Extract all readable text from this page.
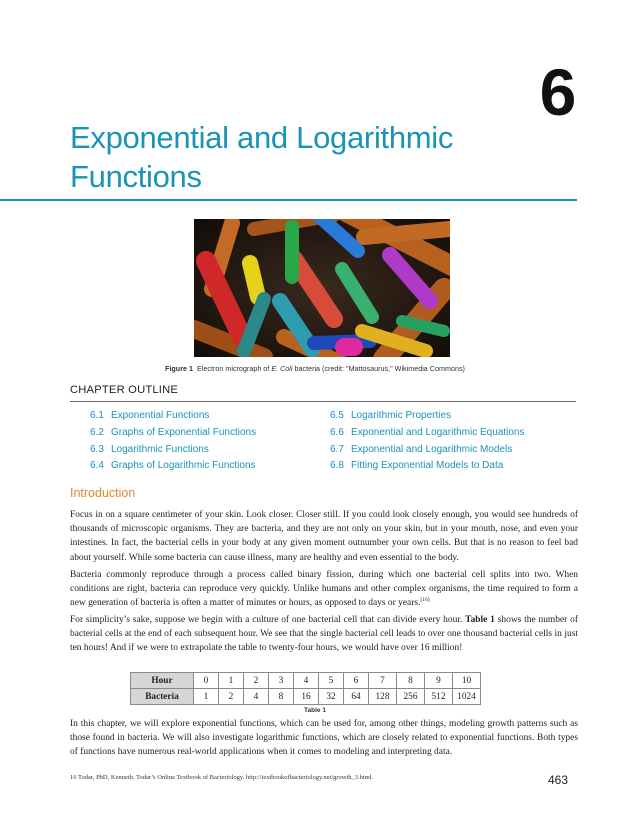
6
Exponential and Logarithmic Functions
Figure 1 Electron micrograph of E. Coli bacteria (credit: "Mattosaurus," Wikimedia Commons)
CHAPTER OUTLINE
6.1 Exponential Functions
6.2 Graphs of Exponential Functions
6.3 Logarithmic Functions
6.4 Graphs of Logarithmic Functions
6.5 Logarithmic Properties
6.6 Exponential and Logarithmic Equations
6.7 Exponential and Logarithmic Models
6.8 Fitting Exponential Models to Data
Introduction

Focus in on a square centimeter of your skin. Look closer. Closer still. If you could look closely enough, you would see hundreds of thousands of microscopic organisms. They are bacteria, and they are not only on your skin, but in your mouth, nose, and even your intestines. In fact, the bacterial cells in your body at any given moment outnumber your own cells. But that is no reason to feel bad about yourself. While some bacteria can cause illness, many are healthy and even essential to the body.

Bacteria commonly reproduce through a process called binary fission, during which one bacterial cell splits into two. When conditions are right, bacteria can reproduce very quickly. Unlike humans and other complex organisms, the time required to form a new generation of bacteria is often a matter of minutes or hours, as opposed to days or years.[16]

For simplicity’s sake, suppose we begin with a culture of one bacterial cell that can divide every hour. Table 1 shows the number of bacterial cells at the end of each subsequent hour. We see that the single bacterial cell leads to over one thousand bacterial cells in just ten hours! And if we were to extrapolate the table to twenty-four hours, we would have over 16 million!

Hour	0	1	2	3	4	5	6	7	8	9	10
Bacteria	1	2	4	8	16	32	64	128	256	512	1024
Table 1

In this chapter, we will explore exponential functions, which can be used for, among other things, modeling growth patterns such as those found in bacteria. We will also investigate logarithmic functions, which are closely related to exponential functions. Both types of functions have numerous real-world applications when it comes to modeling and interpreting data.

16 Todar, PhD, Kenneth. Todar’s Online Textbook of Bacteriology. http://textbookofbacteriology.net/growth_3.html.	463
